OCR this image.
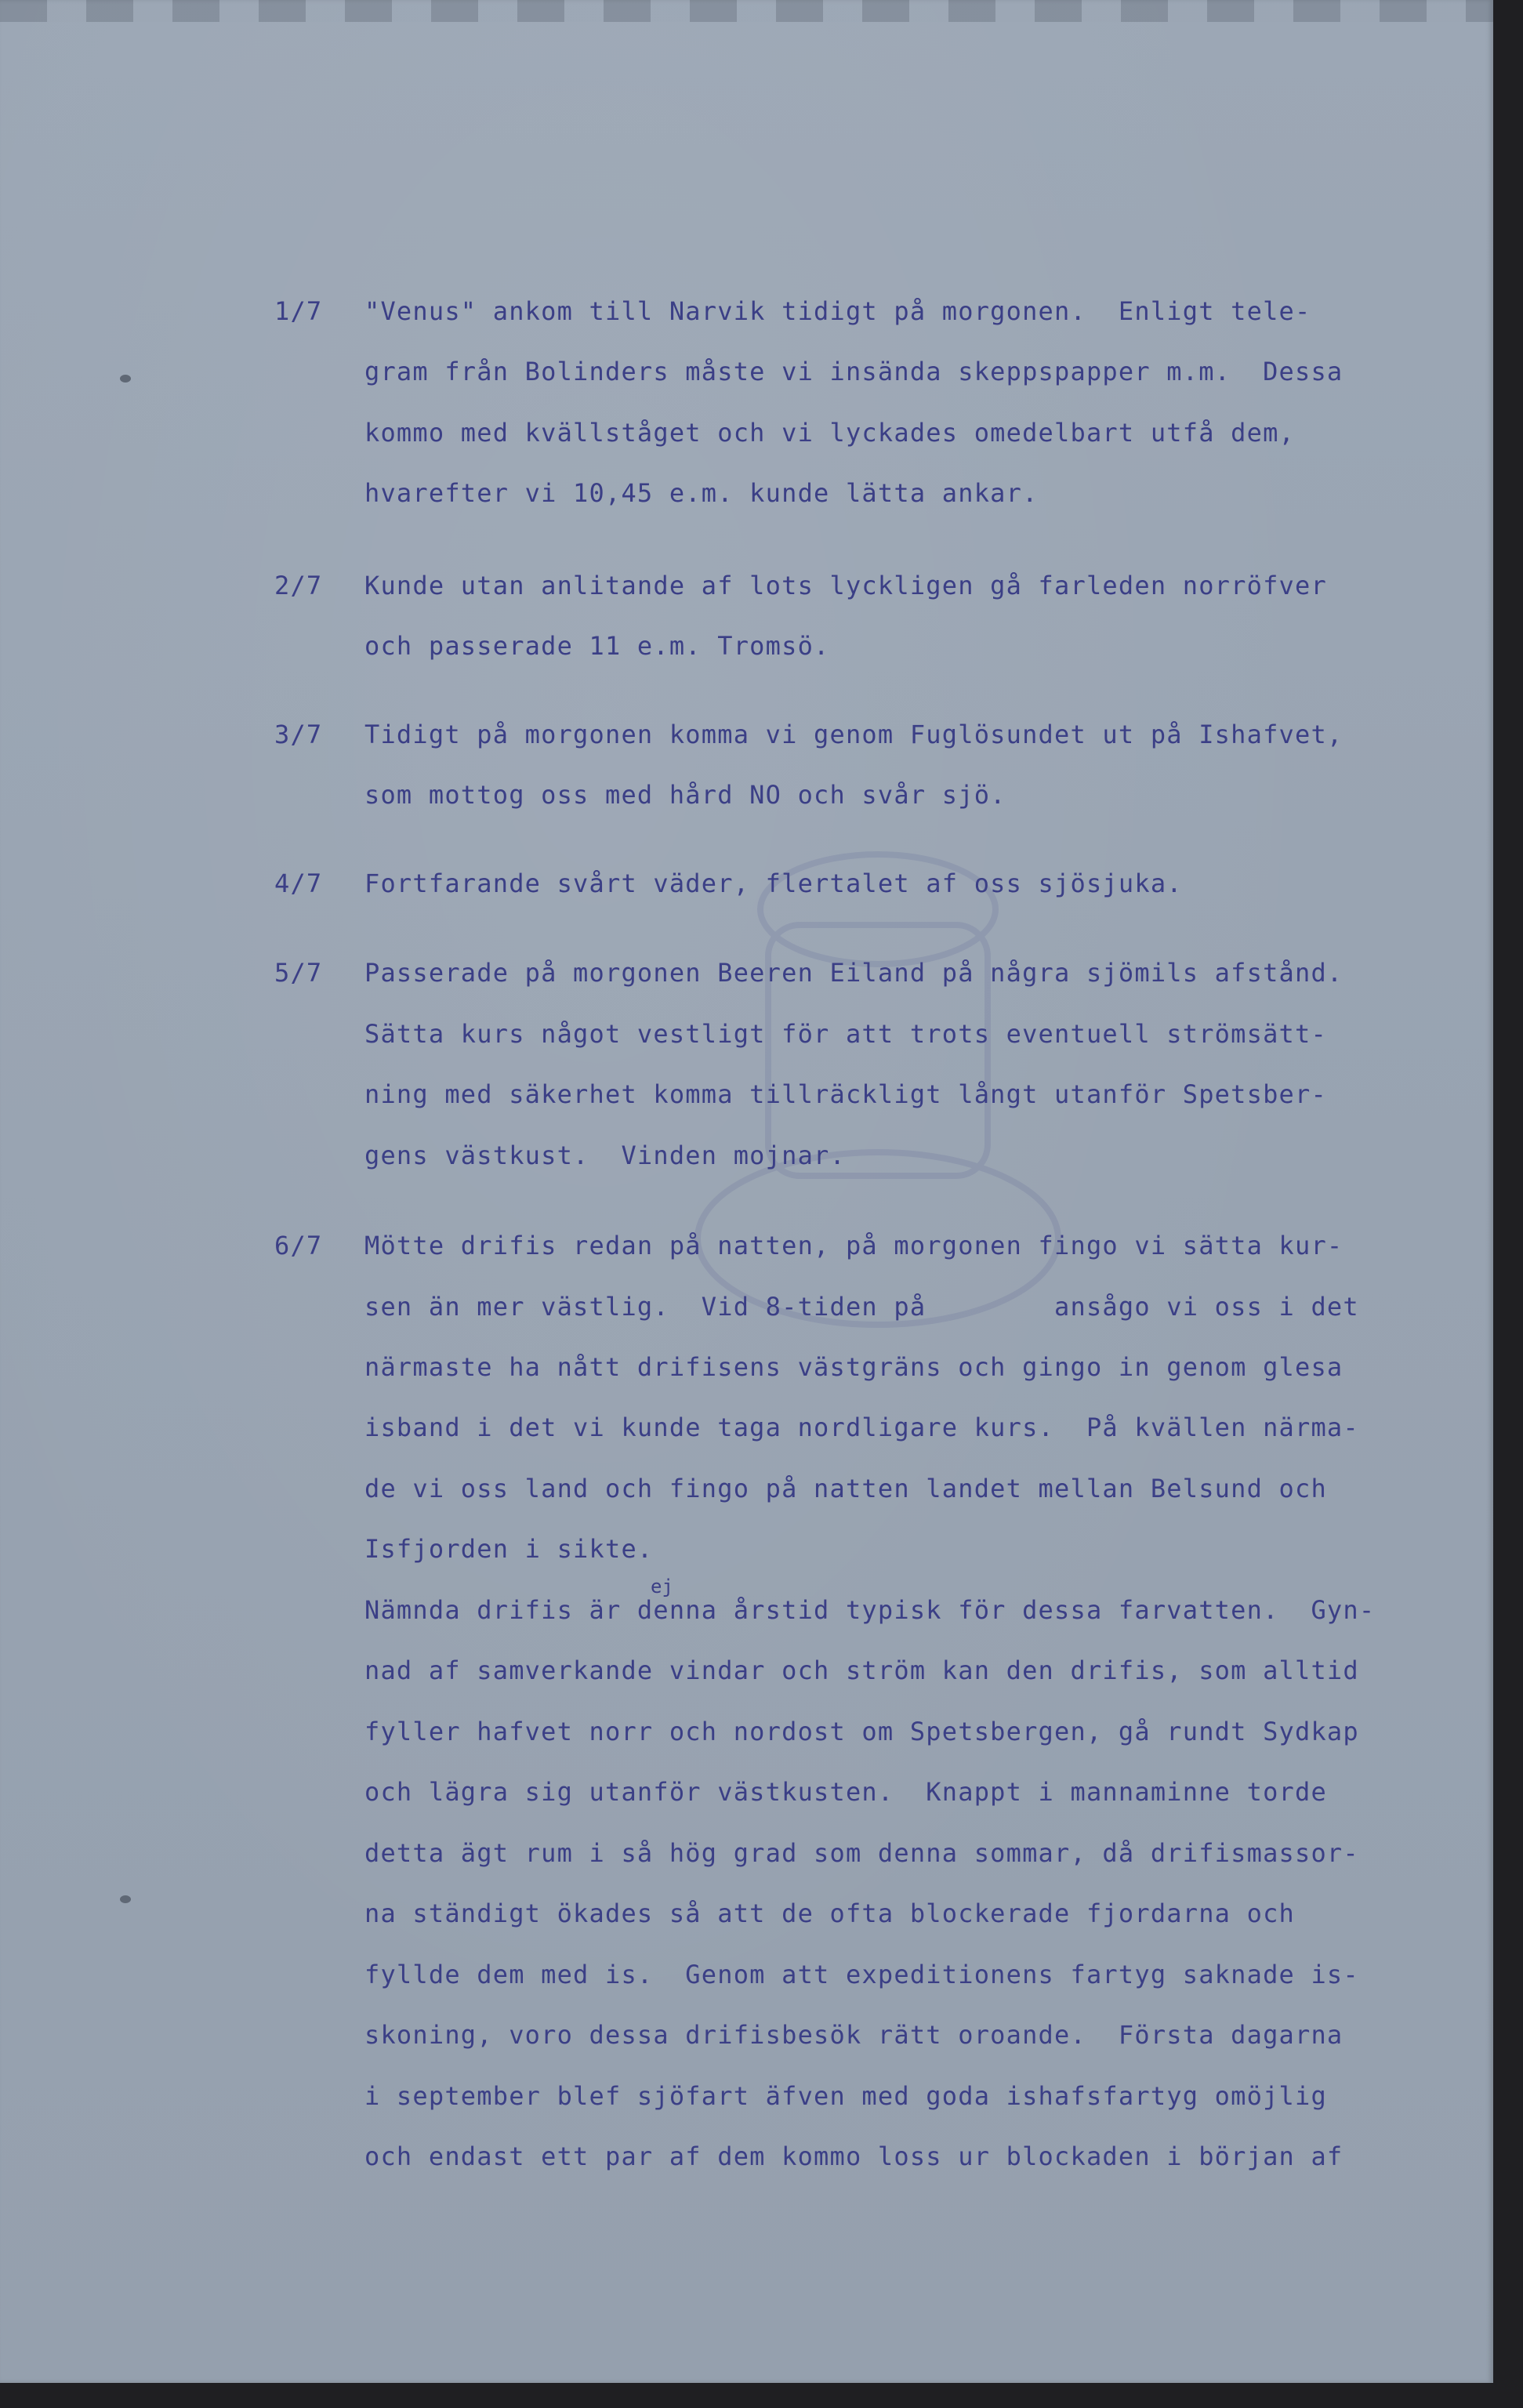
1/7	"Venus" ankom till Narvik tidigt på morgonen.  Enligt tele-
gram från Bolinders måste vi insända skeppspapper m.m.  Dessa
kommo med kvällståget och vi lyckades omedelbart utfå dem,
hvarefter vi 10,45 e.m. kunde lätta ankar.
2/7	Kunde utan anlitande af lots lyckligen gå farleden norröfver
och passerade 11 e.m. Tromsö.
3/7	Tidigt på morgonen komma vi genom Fuglösundet ut på Ishafvet,
som mottog oss med hård NO och svår sjö.
4/7	Fortfarande svårt väder, flertalet af oss sjösjuka.
5/7	Passerade på morgonen Beeren Eiland på några sjömils afstånd.
Sätta kurs något vestligt för att trots eventuell strömsätt-
ning med säkerhet komma tillräckligt långt utanför Spetsber-
gens västkust.  Vinden mojnar.
6/7	Mötte drifis redan på natten, på morgonen fingo vi sätta kur-
sen än mer västlig.  Vid 8-tiden på        ansågo vi oss i det
närmaste ha nått drifisens västgräns och gingo in genom glesa
isband i det vi kunde taga nordligare kurs.  På kvällen närma-
de vi oss land och fingo på natten landet mellan Belsund och
Isfjorden i sikte.
Nämnda drifis är denna årstid typisk för dessa farvatten.  Gyn-
nad af samverkande vindar och ström kan den drifis, som alltid
fyller hafvet norr och nordost om Spetsbergen, gå rundt Sydkap
och lägra sig utanför västkusten.  Knappt i mannaminne torde
detta ägt rum i så hög grad som denna sommar, då drifismassor-
na ständigt ökades så att de ofta blockerade fjordarna och
fyllde dem med is.  Genom att expeditionens fartyg saknade is-
skoning, voro dessa drifisbesök rätt oroande.  Första dagarna
i september blef sjöfart äfven med goda ishafsfartyg omöjlig
och endast ett par af dem kommo loss ur blockaden i början af
ej
